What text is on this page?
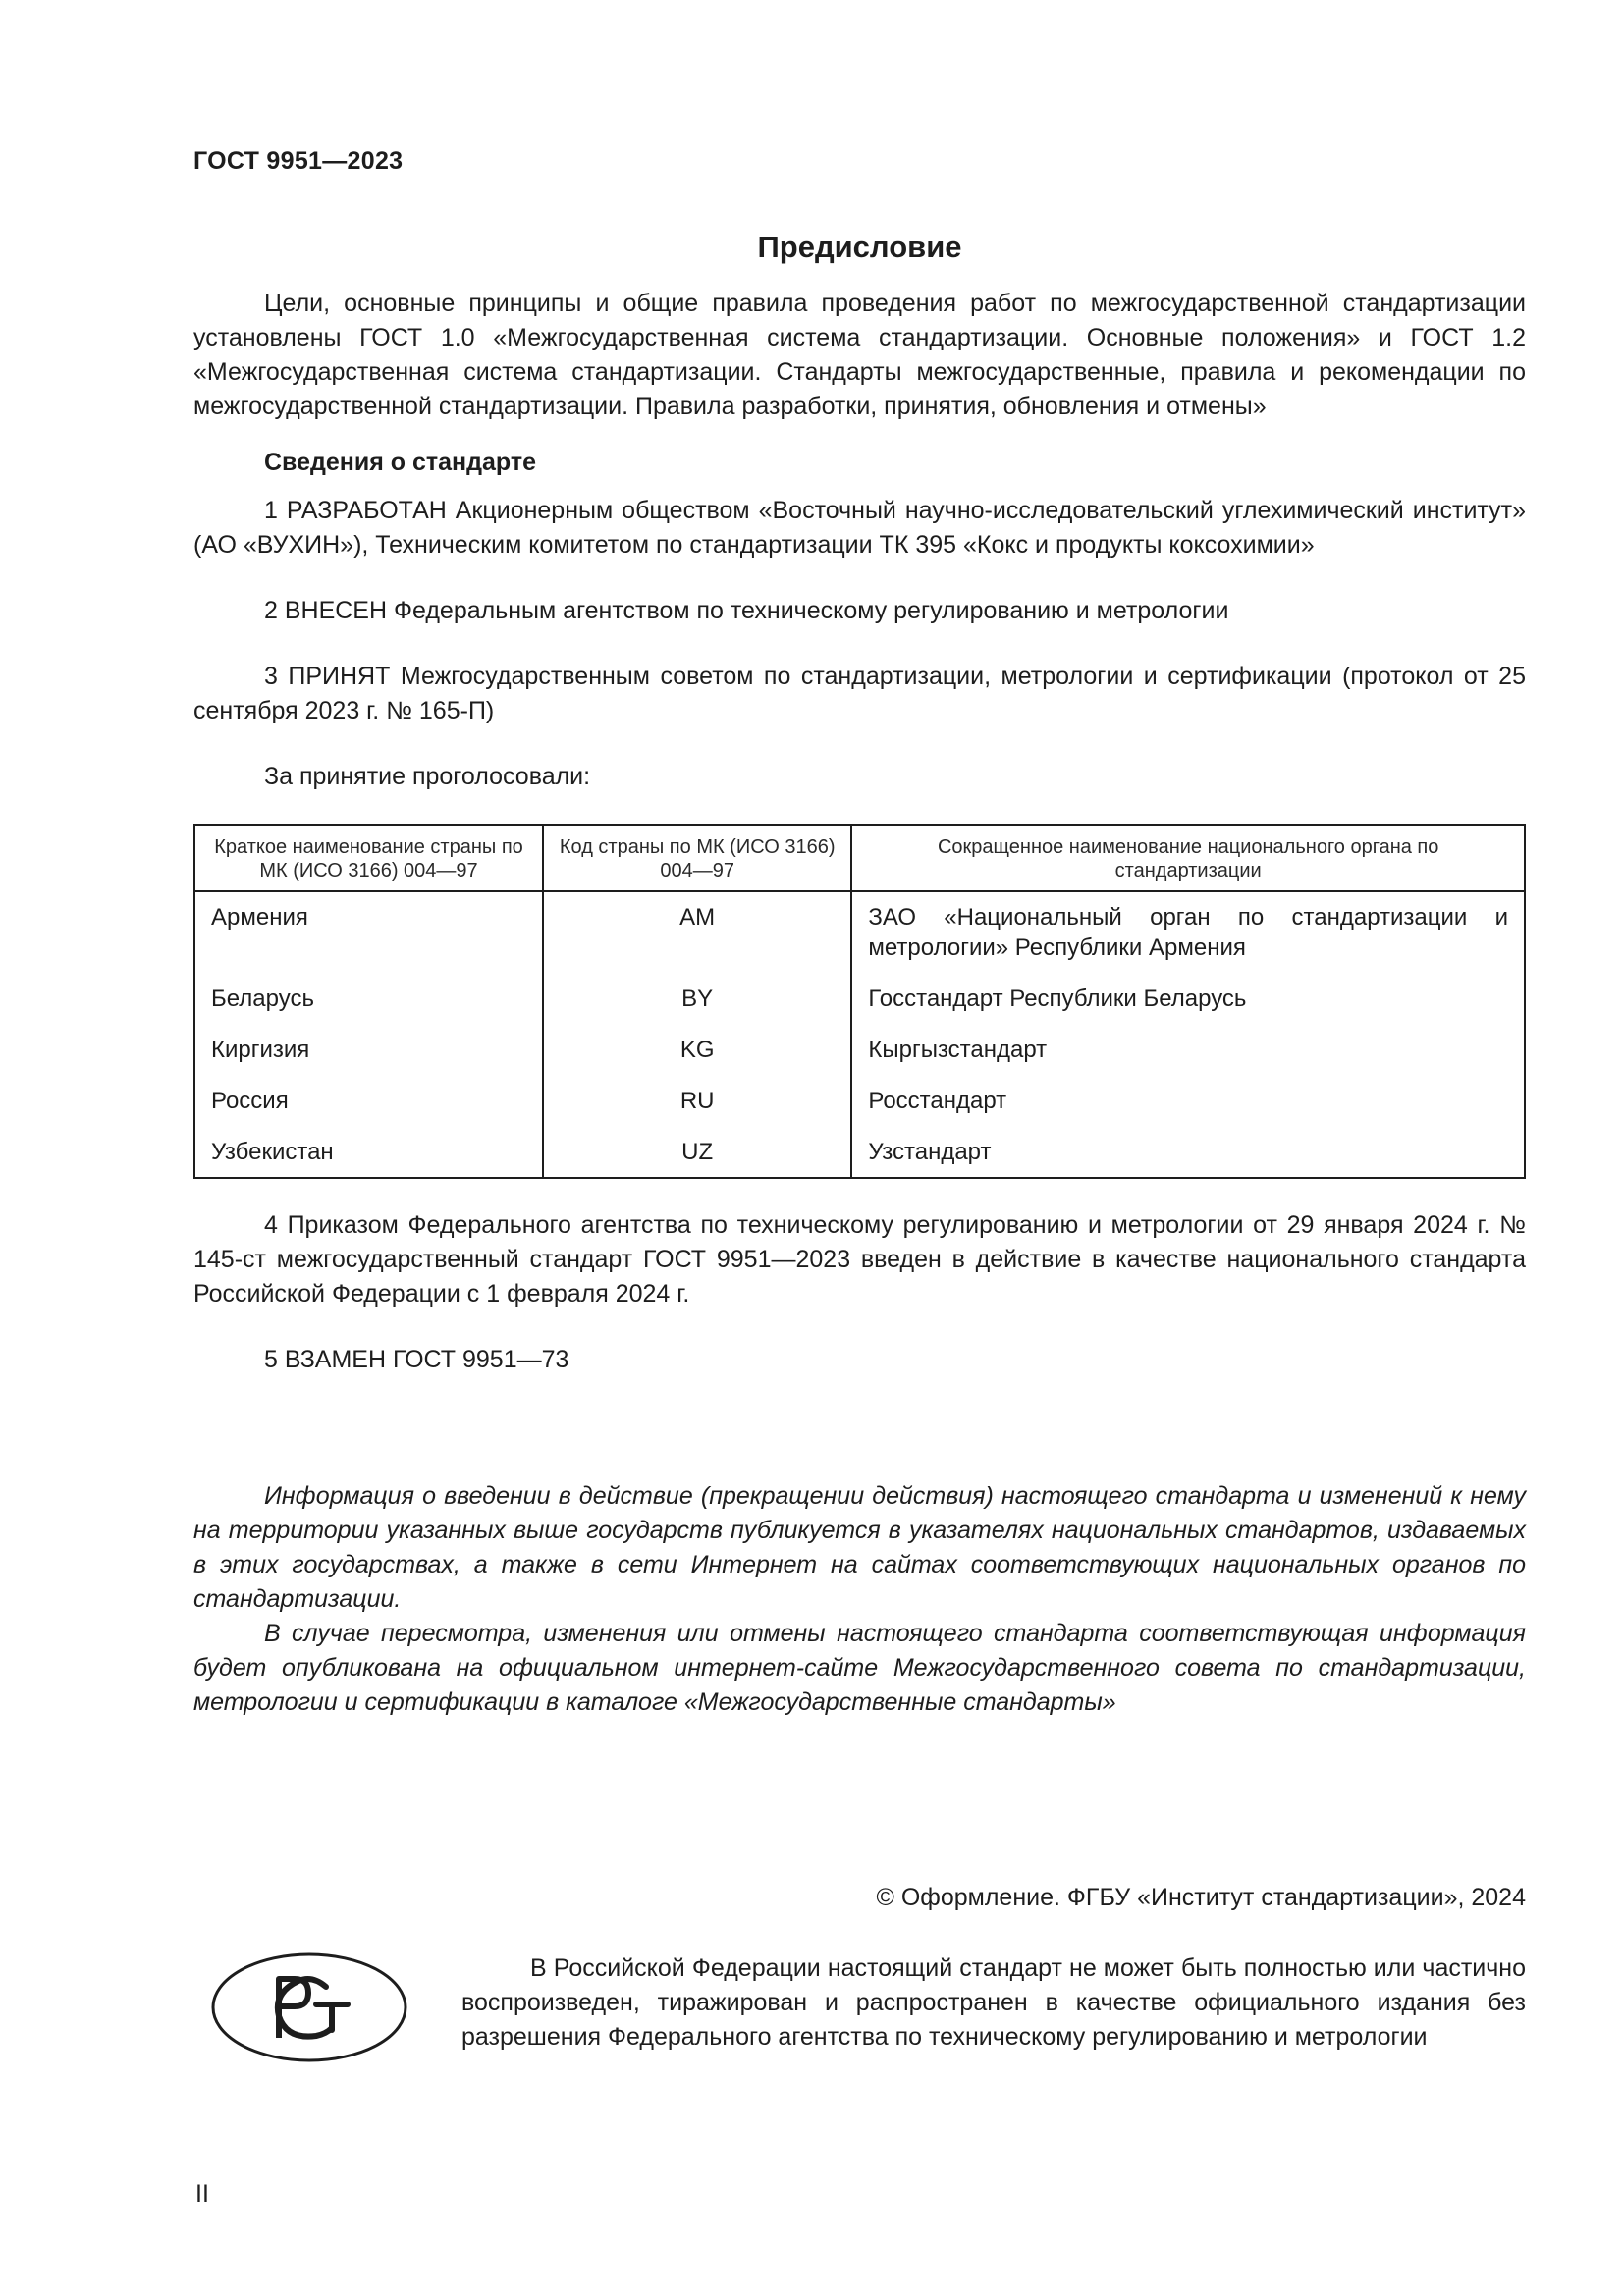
ГОСТ 9951—2023
Предисловие

Цели, основные принципы и общие правила проведения работ по межгосударственной стандартизации установлены ГОСТ 1.0 «Межгосударственная система стандартизации. Основные положения» и ГОСТ 1.2 «Межгосударственная система стандартизации. Стандарты межгосударственные, правила и рекомендации по межгосударственной стандартизации. Правила разработки, принятия, обновления и отмены»

Сведения о стандарте

1 РАЗРАБОТАН Акционерным обществом «Восточный научно-исследовательский углехимический институт» (АО «ВУХИН»), Техническим комитетом по стандартизации ТК 395 «Кокс и продукты коксохимии»

2 ВНЕСЕН Федеральным агентством по техническому регулированию и метрологии

3 ПРИНЯТ Межгосударственным советом по стандартизации, метрологии и сертификации (протокол от 25 сентября 2023 г. № 165-П)

За принятие проголосовали:

Краткое наименование страны по МК (ИСО 3166) 004—97	Код страны по МК (ИСО 3166) 004—97	Сокращенное наименование национального органа по стандартизации
Армения	AM	ЗАО «Национальный орган по стандартизации и метрологии» Республики Армения
Беларусь	BY	Госстандарт Республики Беларусь
Киргизия	KG	Кыргызстандарт
Россия	RU	Росстандарт
Узбекистан	UZ	Узстандарт

4 Приказом Федерального агентства по техническому регулированию и метрологии от 29 января 2024 г. № 145-ст межгосударственный стандарт ГОСТ 9951—2023 введен в действие в качестве национального стандарта Российской Федерации с 1 февраля 2024 г.

5 ВЗАМЕН ГОСТ 9951—73

Информация о введении в действие (прекращении действия) настоящего стандарта и изменений к нему на территории указанных выше государств публикуется в указателях национальных стандартов, издаваемых в этих государствах, а также в сети Интернет на сайтах соответствующих национальных органов по стандартизации.

В случае пересмотра, изменения или отмены настоящего стандарта соответствующая информация будет опубликована на официальном интернет-сайте Межгосударственного совета по стандартизации, метрологии и сертификации в каталоге «Межгосударственные стандарты»

© Оформление. ФГБУ «Институт стандартизации», 2024
В Российской Федерации настоящий стандарт не может быть полностью или частично воспроизведен, тиражирован и распространен в качестве официального издания без разрешения Федерального агентства по техническому регулированию и метрологии
II
